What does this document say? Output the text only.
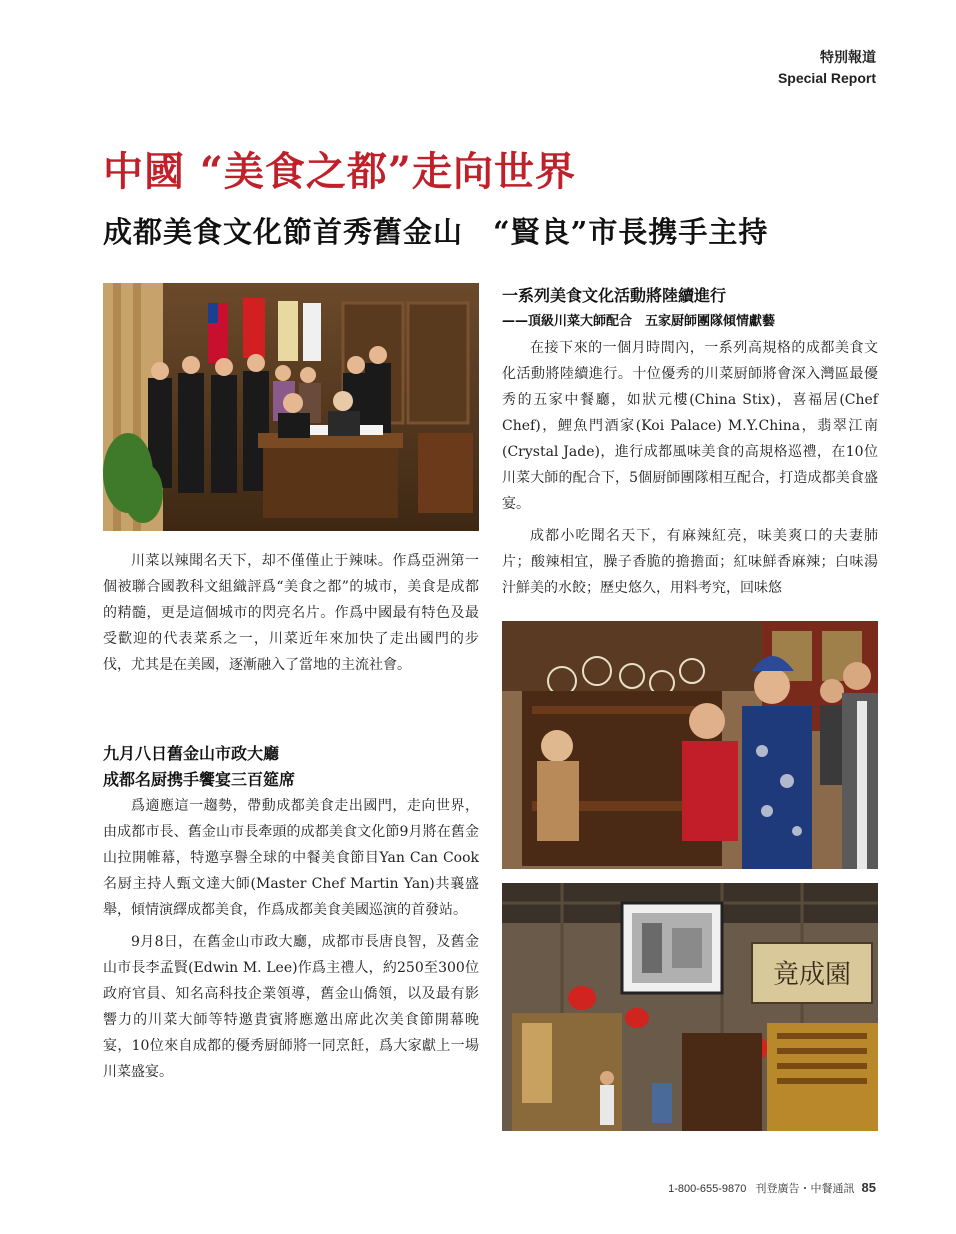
特別報道
Special Report
中國 “美食之都”走向世界
成都美食文化節首秀舊金山　“賢良”市長携手主持

川菜以辣聞名天下，却不僅僅止于辣味。作爲亞洲第一個被聯合國教科文組織評爲“美食之都”的城市，美食是成都的精髓，更是這個城市的閃亮名片。作爲中國最有特色及最受歡迎的代表菜系之一，川菜近年來加快了走出國門的步伐，尤其是在美國，逐漸融入了當地的主流社會。

九月八日舊金山市政大廳
成都名厨携手饗宴三百筵席

爲適應這一趨勢，帶動成都美食走出國門，走向世界，由成都市長、舊金山市長牽頭的成都美食文化節9月將在舊金山拉開帷幕，特邀享譽全球的中餐美食節目Yan Can Cook 名厨主持人甄文達大師(Master Chef Martin Yan)共襄盛舉，傾情演繹成都美食，作爲成都美食美國巡演的首發站。

9月8日，在舊金山市政大廳，成都市長唐良智，及舊金山市長李孟賢(Edwin M. Lee)作爲主禮人，約250至300位政府官員、知名高科技企業領導，舊金山僑領，以及最有影響力的川菜大師等特邀貴賓將應邀出席此次美食節開幕晚宴，10位來自成都的優秀厨師將一同烹飪，爲大家獻上一場川菜盛宴。

一系列美食文化活動將陸續進行
——頂級川菜大師配合　五家厨師團隊傾情獻藝

在接下來的一個月時間內，一系列高規格的成都美食文化活動將陸續進行。十位優秀的川菜厨師將會深入灣區最優秀的五家中餐廳，如狀元樓(China Stix)，喜福居(Chef Chef)，鯉魚門酒家(Koi Palace) M.Y.China，翡翠江南(Crystal Jade)，進行成都風味美食的高規格巡禮，在10位川菜大師的配合下，5個厨師團隊相互配合，打造成都美食盛宴。

成都小吃聞名天下，有麻辣紅亮，味美爽口的夫妻肺片；酸辣相宜，臊子香脆的擔擔面；紅味鮮香麻辣；白味湯汁鮮美的水餃；歷史悠久，用料考究，回味悠

竟成園
1-800-655-9870 刊登廣告・中餐通訊 85
